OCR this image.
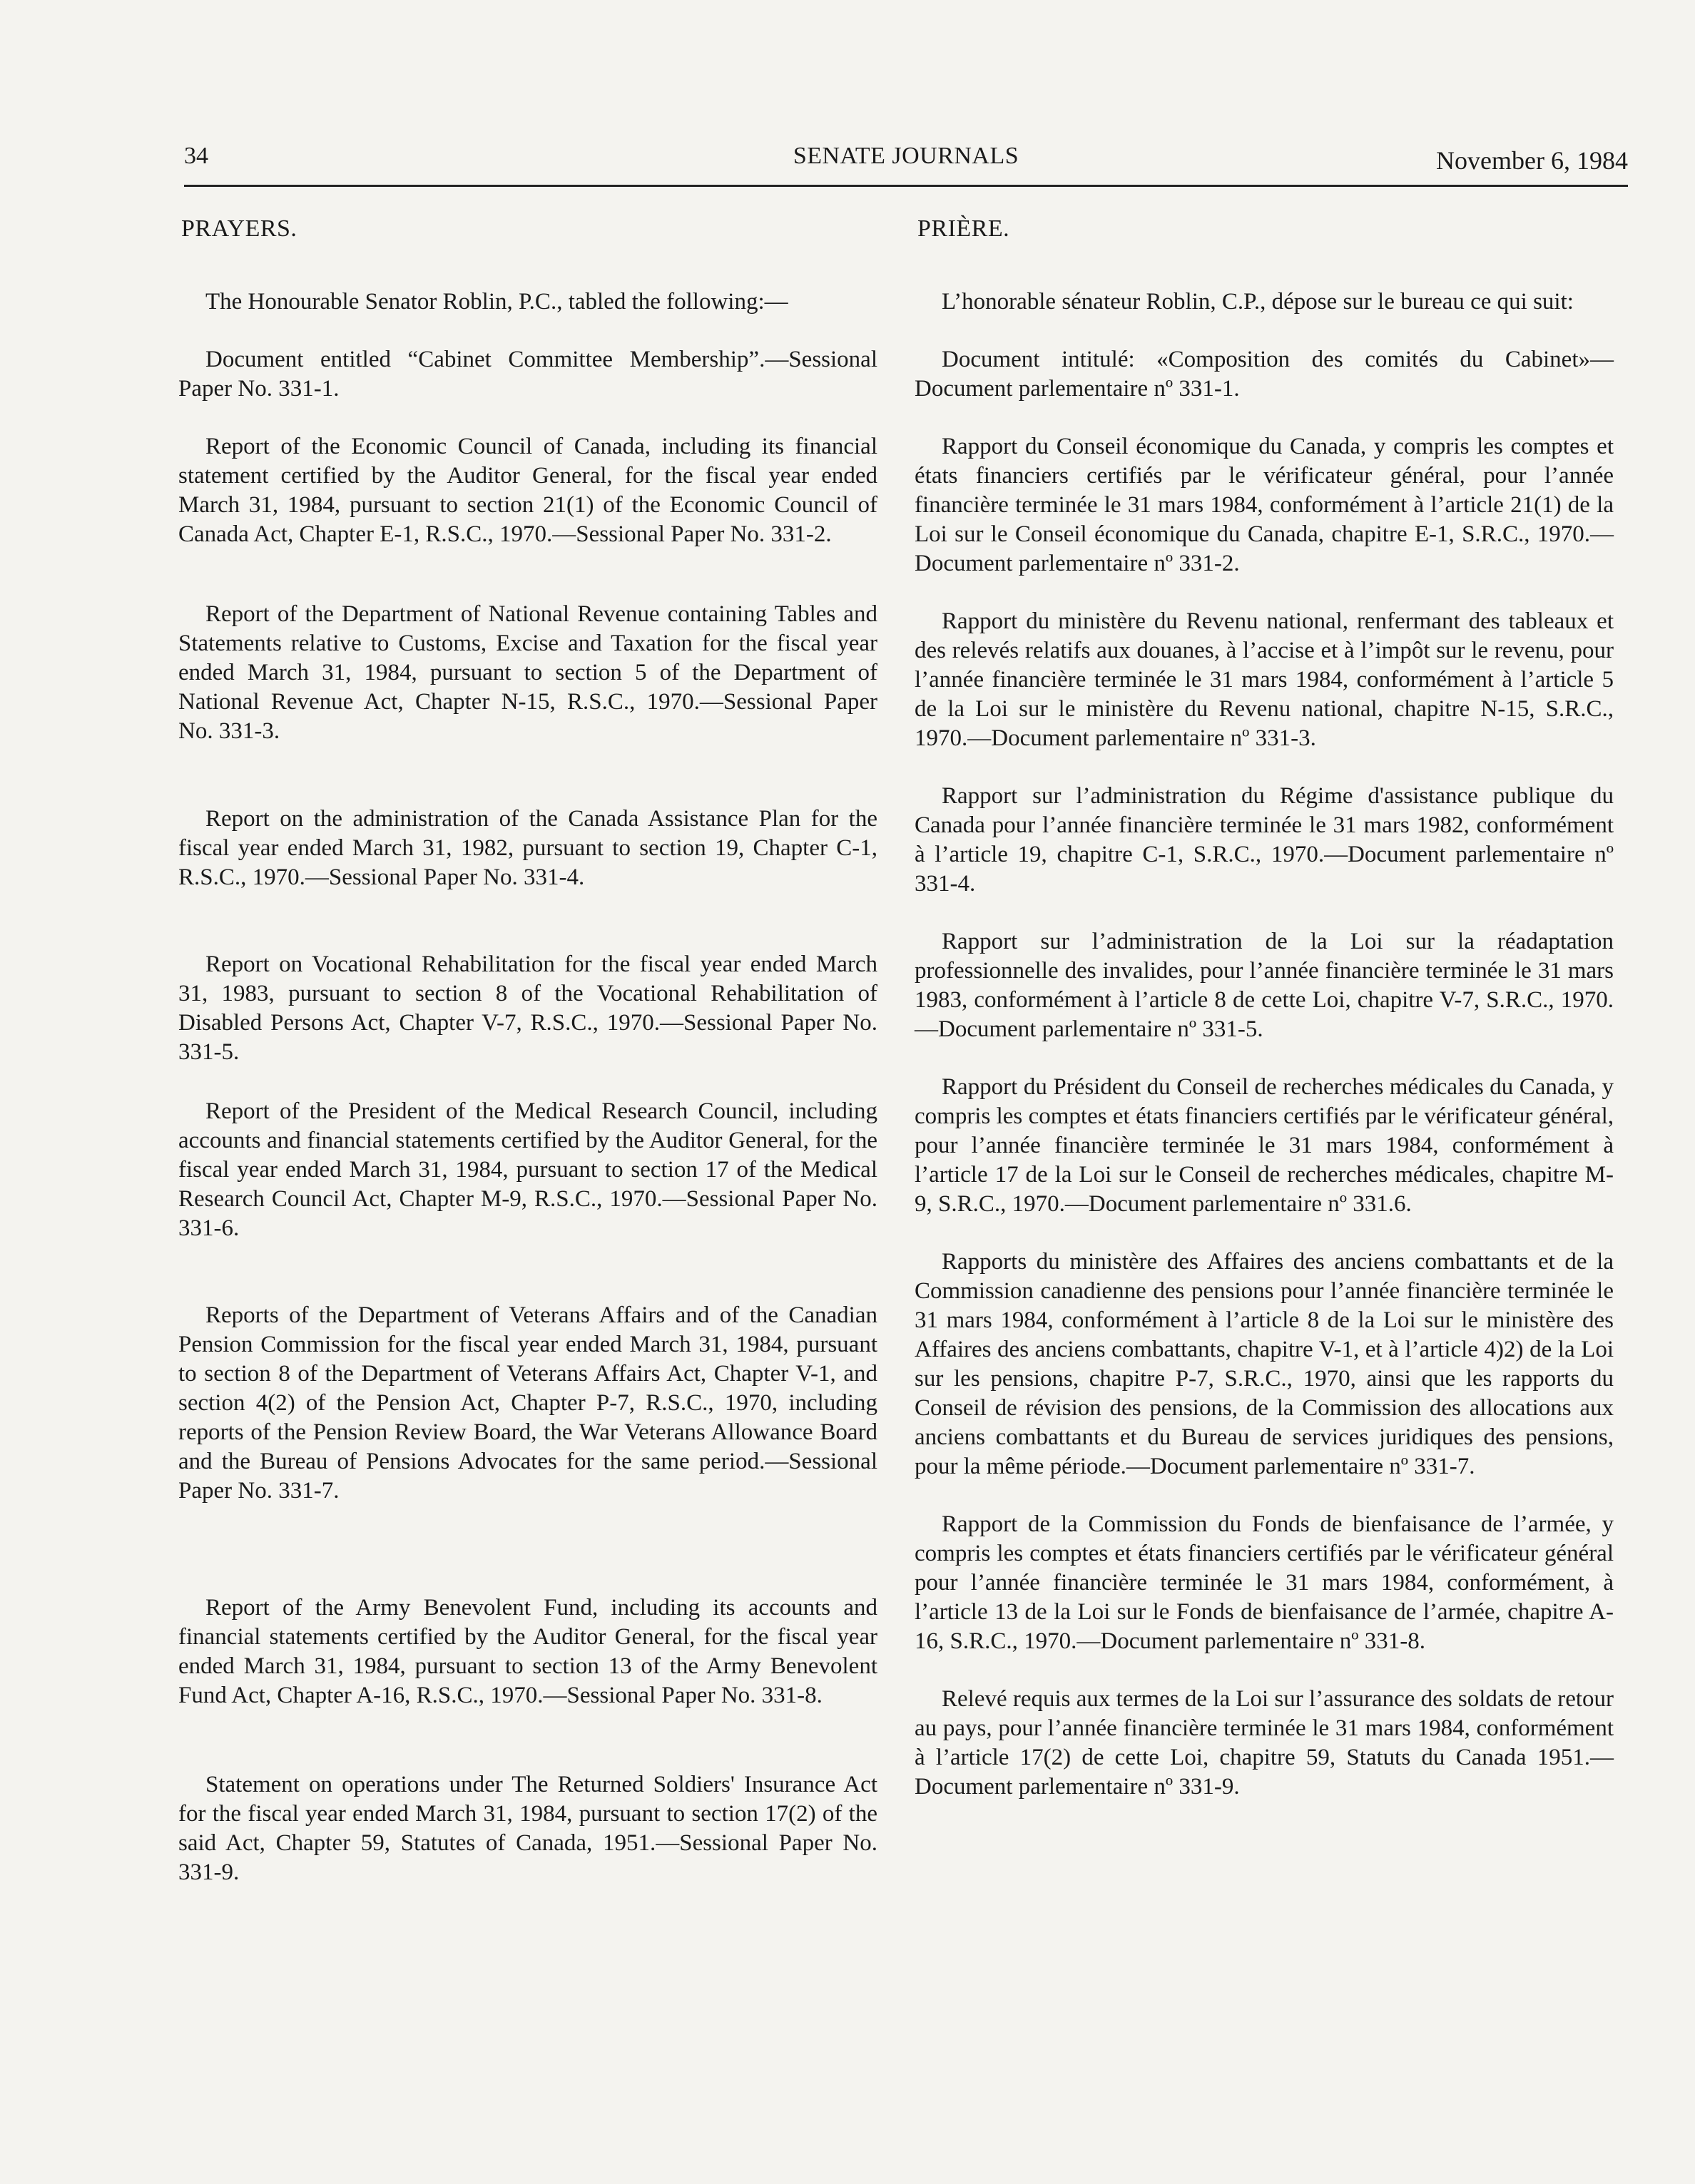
34	SENATE JOURNALS	November 6, 1984
PRAYERS.

The Honourable Senator Roblin, P.C., tabled the following:—

Document entitled “Cabinet Committee Membership”.—Sessional Paper No. 331-1.

Report of the Economic Council of Canada, including its financial statement certified by the Auditor General, for the fiscal year ended March 31, 1984, pursuant to section 21(1) of the Economic Council of Canada Act, Chapter E-1, R.S.C., 1970.—Sessional Paper No. 331-2.

Report of the Department of National Revenue containing Tables and Statements relative to Customs, Excise and Taxation for the fiscal year ended March 31, 1984, pursuant to section 5 of the Department of National Revenue Act, Chapter N-15, R.S.C., 1970.—Sessional Paper No. 331-3.

Report on the administration of the Canada Assistance Plan for the fiscal year ended March 31, 1982, pursuant to section 19, Chapter C-1, R.S.C., 1970.—Sessional Paper No. 331-4.

Report on Vocational Rehabilitation for the fiscal year ended March 31, 1983, pursuant to section 8 of the Vocational Rehabilitation of Disabled Persons Act, Chapter V-7, R.S.C., 1970.—Sessional Paper No. 331-5.

Report of the President of the Medical Research Council, including accounts and financial statements certified by the Auditor General, for the fiscal year ended March 31, 1984, pursuant to section 17 of the Medical Research Council Act, Chapter M-9, R.S.C., 1970.—Sessional Paper No. 331-6.

Reports of the Department of Veterans Affairs and of the Canadian Pension Commission for the fiscal year ended March 31, 1984, pursuant to section 8 of the Department of Veterans Affairs Act, Chapter V-1, and section 4(2) of the Pension Act, Chapter P-7, R.S.C., 1970, including reports of the Pension Review Board, the War Veterans Allowance Board and the Bureau of Pensions Advocates for the same period.—Sessional Paper No. 331-7.

Report of the Army Benevolent Fund, including its accounts and financial statements certified by the Auditor General, for the fiscal year ended March 31, 1984, pursuant to section 13 of the Army Benevolent Fund Act, Chapter A-16, R.S.C., 1970.—Sessional Paper No. 331-8.

Statement on operations under The Returned Soldiers' Insurance Act for the fiscal year ended March 31, 1984, pursuant to section 17(2) of the said Act, Chapter 59, Statutes of Canada, 1951.—Sessional Paper No. 331-9.

PRIÈRE.

L’honorable sénateur Roblin, C.P., dépose sur le bureau ce qui suit:

Document intitulé: «Composition des comités du Cabinet»—Document parlementaire nº 331-1.

Rapport du Conseil économique du Canada, y compris les comptes et états financiers certifiés par le vérificateur général, pour l’année financière terminée le 31 mars 1984, conformément à l’article 21(1) de la Loi sur le Conseil économique du Canada, chapitre E-1, S.R.C., 1970.—Document parlementaire nº 331-2.

Rapport du ministère du Revenu national, renfermant des tableaux et des relevés relatifs aux douanes, à l’accise et à l’impôt sur le revenu, pour l’année financière terminée le 31 mars 1984, conformément à l’article 5 de la Loi sur le ministère du Revenu national, chapitre N-15, S.R.C., 1970.—Document parlementaire nº 331-3.

Rapport sur l’administration du Régime d'assistance publique du Canada pour l’année financière terminée le 31 mars 1982, conformément à l’article 19, chapitre C-1, S.R.C., 1970.—Document parlementaire nº 331-4.

Rapport sur l’administration de la Loi sur la réadaptation professionnelle des invalides, pour l’année financière terminée le 31 mars 1983, conformément à l’article 8 de cette Loi, chapitre V-7, S.R.C., 1970.—Document parlementaire nº 331-5.

Rapport du Président du Conseil de recherches médicales du Canada, y compris les comptes et états financiers certifiés par le vérificateur général, pour l’année financière terminée le 31 mars 1984, conformément à l’article 17 de la Loi sur le Conseil de recherches médicales, chapitre M-9, S.R.C., 1970.—Document parlementaire nº 331.6.

Rapports du ministère des Affaires des anciens combattants et de la Commission canadienne des pensions pour l’année financière terminée le 31 mars 1984, conformément à l’article 8 de la Loi sur le ministère des Affaires des anciens combattants, chapitre V-1, et à l’article 4)2) de la Loi sur les pensions, chapitre P-7, S.R.C., 1970, ainsi que les rapports du Conseil de révision des pensions, de la Commission des allocations aux anciens combattants et du Bureau de services juridiques des pensions, pour la même période.—Document parlementaire nº 331-7.

Rapport de la Commission du Fonds de bienfaisance de l’armée, y compris les comptes et états financiers certifiés par le vérificateur général pour l’année financière terminée le 31 mars 1984, conformément, à l’article 13 de la Loi sur le Fonds de bienfaisance de l’armée, chapitre A-16, S.R.C., 1970.—Document parlementaire nº 331-8.

Relevé requis aux termes de la Loi sur l’assurance des soldats de retour au pays, pour l’année financière terminée le 31 mars 1984, conformément à l’article 17(2) de cette Loi, chapitre 59, Statuts du Canada 1951.—Document parlementaire nº 331-9.
